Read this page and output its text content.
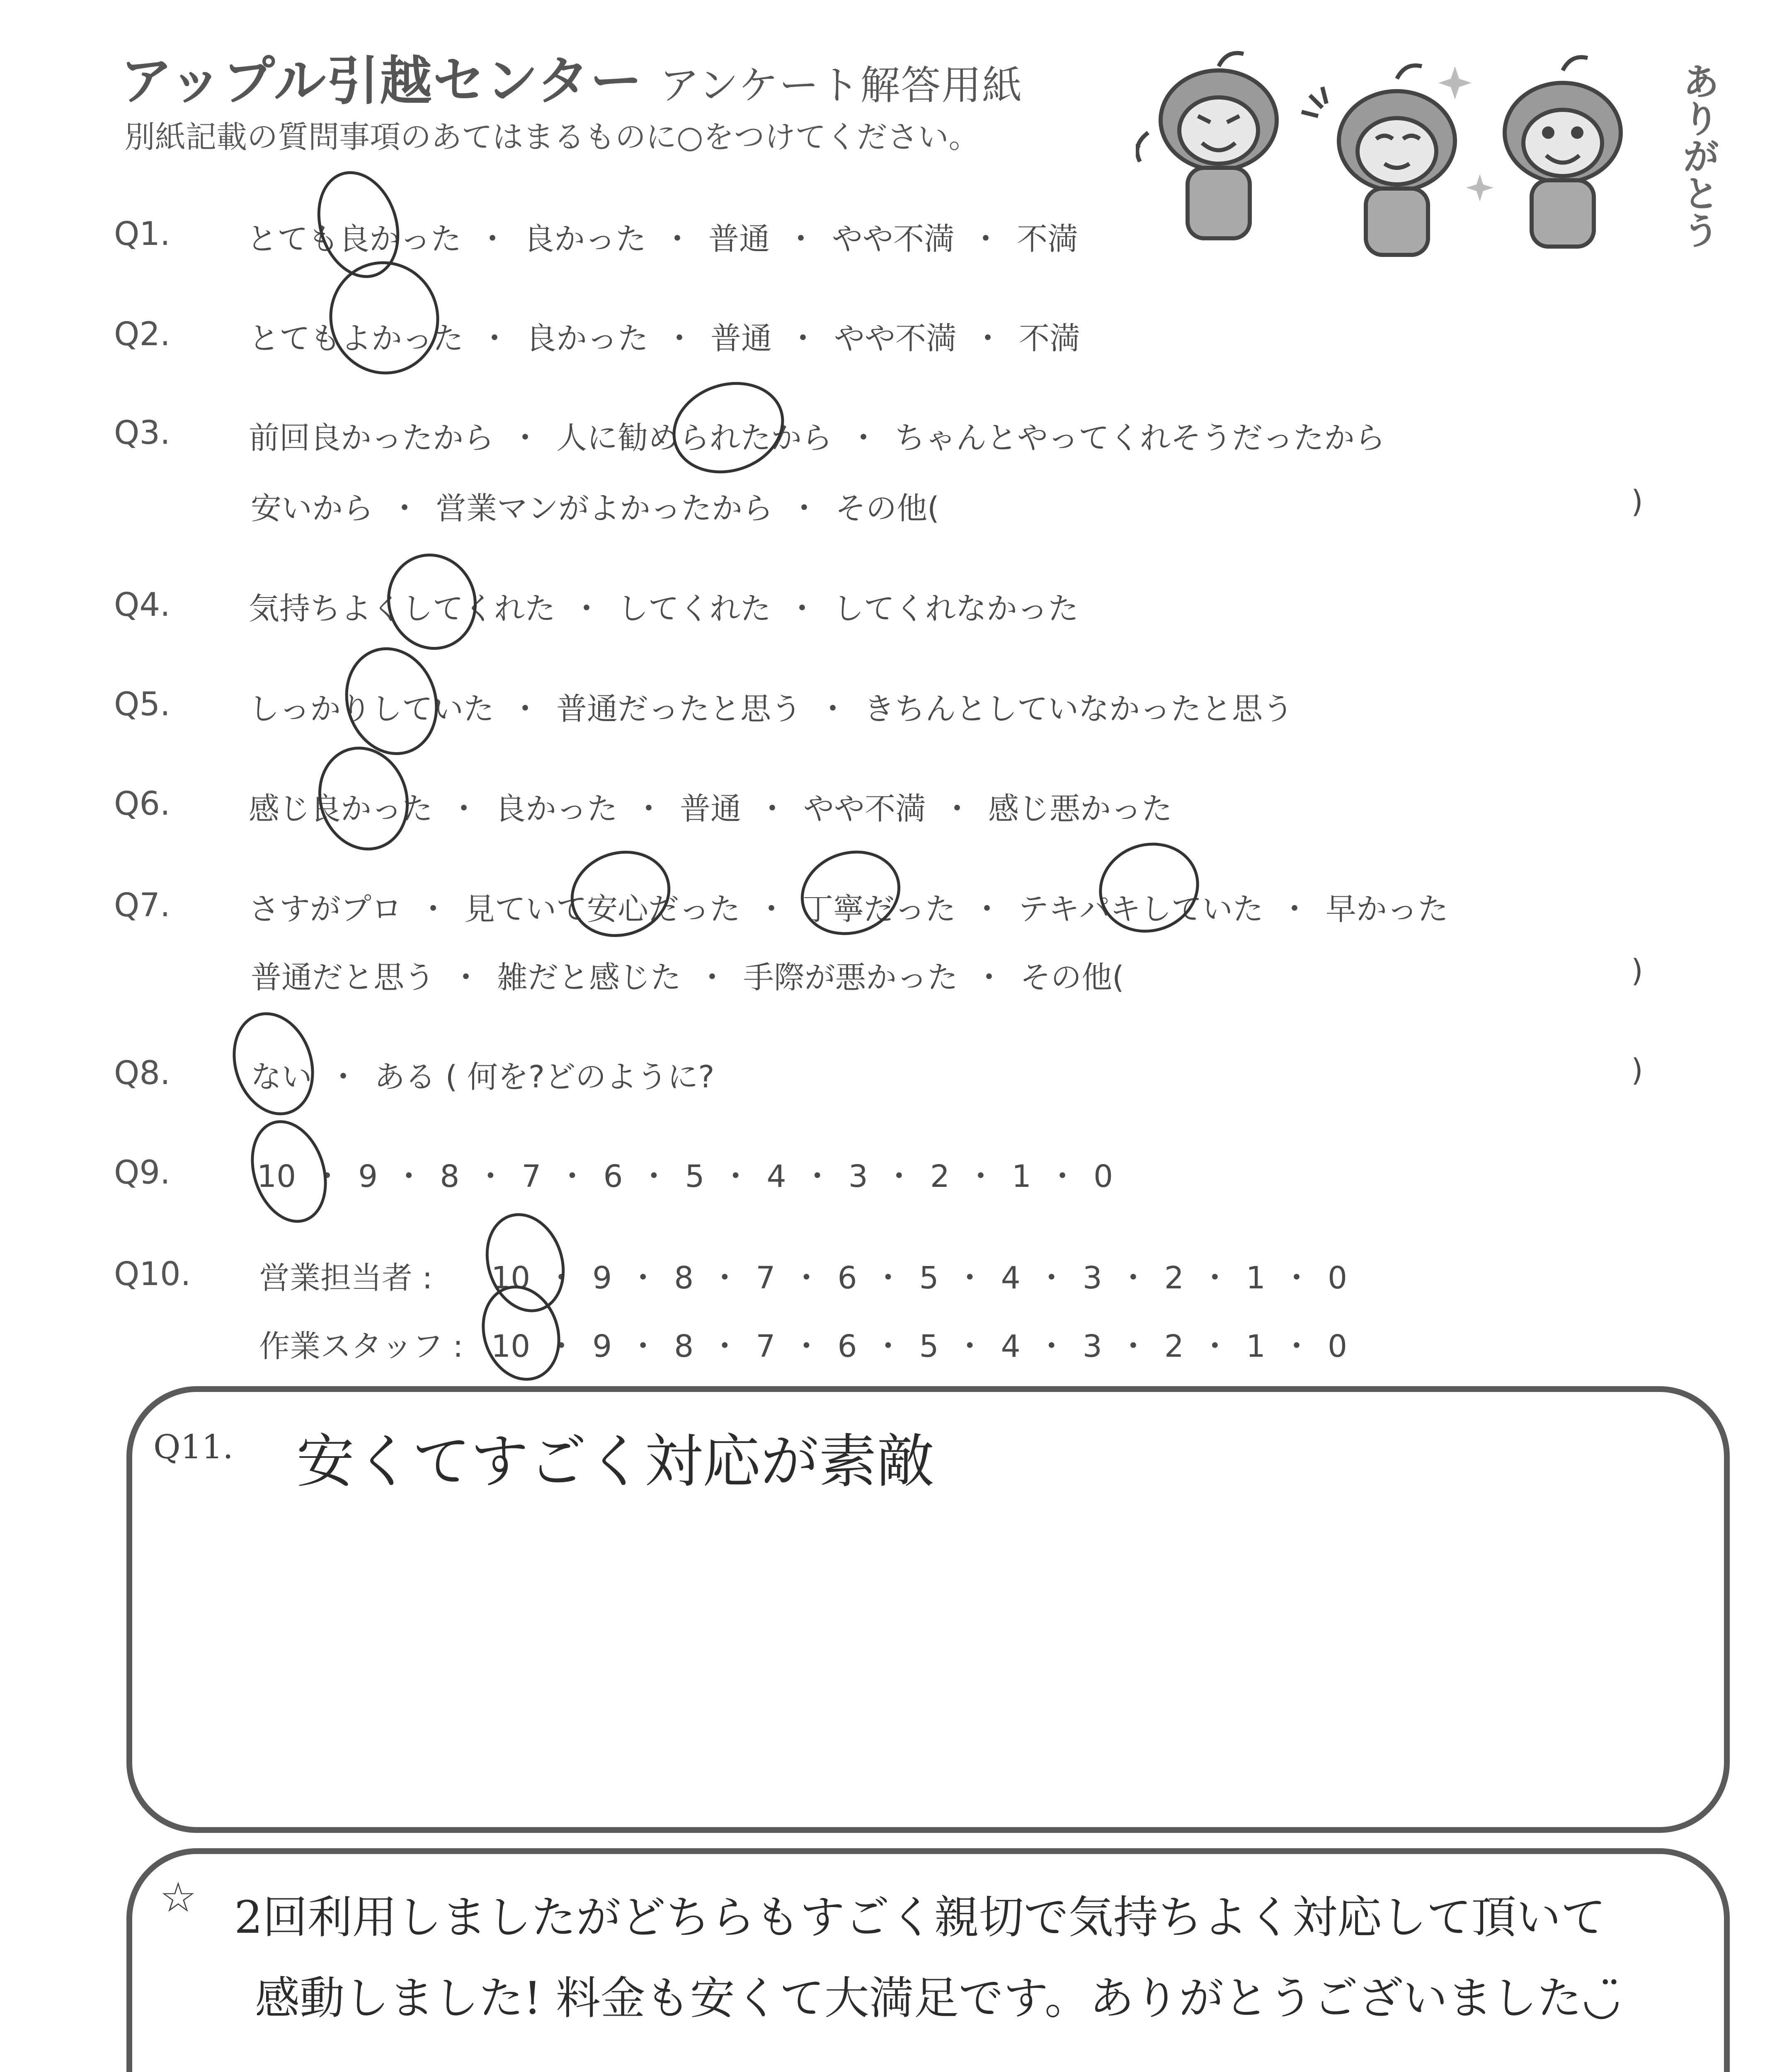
アップル引越センター アンケート解答用紙
別紙記載の質問事項のあてはまるものに○をつけてください。	ありがとう
Q1. とても良かった ・ 良かった ・ 普通 ・ やや不満 ・ 不満
Q2.	とてもよかった ・ 良かった ・ 普通 ・ やや不満 ・ 不満
Q3.	前回良かったから ・ 人に勧められたから ・ ちゃんとやってくれそうだったから
安いから ・ 営業マンがよかったから ・ その他(	)
Q4.	気持ちよくしてくれた ・ してくれた ・ してくれなかった
Q5.	しっかりしていた ・ 普通だったと思う ・ きちんとしていなかったと思う
Q6.	感じ良かった ・ 良かった ・ 普通 ・ やや不満 ・ 感じ悪かった
Q7.	さすがプロ ・ 見ていて安心だった ・ 丁寧だった ・ テキパキしていた ・ 早かった
普通だと思う ・ 雑だと感じた ・ 手際が悪かった ・ その他(	)
Q8.	ない ・ ある ( 何を?どのように?	)
Q9.	10 ・ 9 ・ 8 ・ 7 ・ 6 ・ 5 ・ 4 ・ 3 ・ 2 ・ 1 ・ 0
Q10. 営業担当者 : 10 ・ 9 ・ 8 ・ 7 ・ 6 ・ 5 ・ 4 ・ 3 ・ 2 ・ 1 ・ 0
作業スタッフ : 10 ・ 9 ・ 8 ・ 7 ・ 6 ・ 5 ・ 4 ・ 3 ・ 2 ・ 1 ・ 0
Q11. 安くてすごく対応が素敵
☆ 2回利用しましたがどちらもすごく親切で気持ちよく対応して頂いて
感動しました! 料金も安くて大満足です。ありがとうございました◡̈
